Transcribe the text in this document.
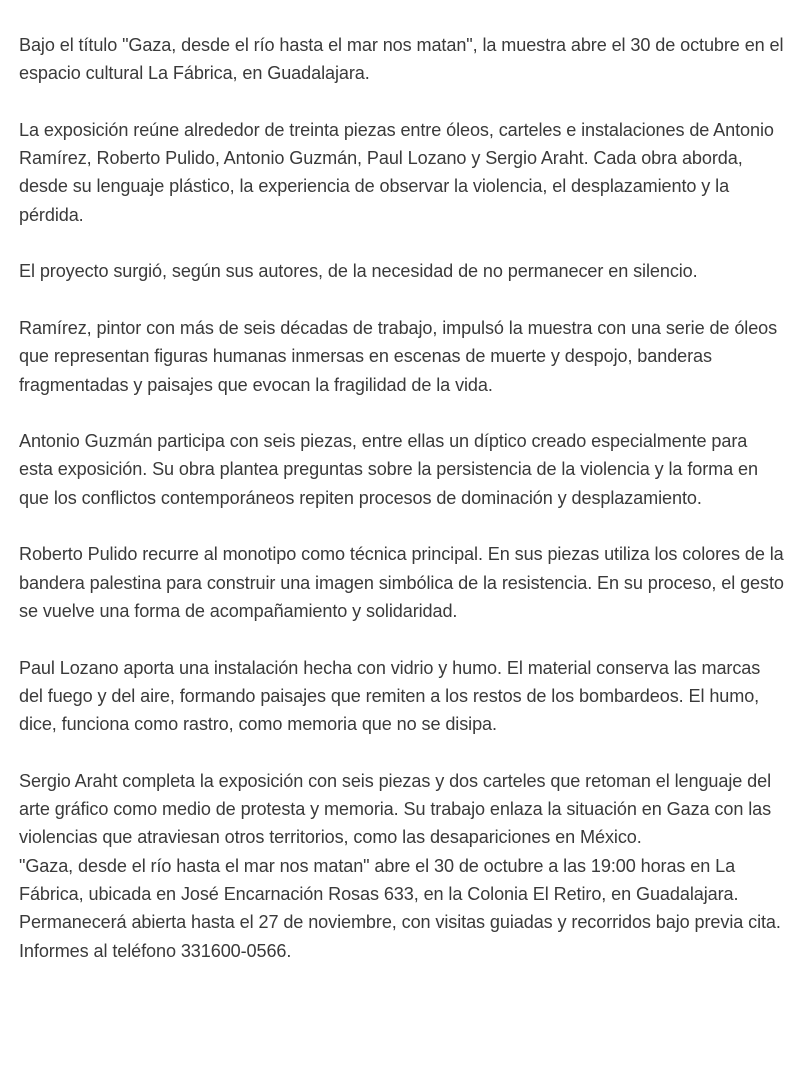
Bajo el título "Gaza, desde el río hasta el mar nos matan", la muestra abre el 30 de octubre en el espacio cultural La Fábrica, en Guadalajara.

La exposición reúne alrededor de treinta piezas entre óleos, carteles e instalaciones de Antonio Ramírez, Roberto Pulido, Antonio Guzmán, Paul Lozano y Sergio Araht. Cada obra aborda, desde su lenguaje plástico, la experiencia de observar la violencia, el desplazamiento y la pérdida.

El proyecto surgió, según sus autores, de la necesidad de no permanecer en silencio.

Ramírez, pintor con más de seis décadas de trabajo, impulsó la muestra con una serie de óleos que representan figuras humanas inmersas en escenas de muerte y despojo, banderas fragmentadas y paisajes que evocan la fragilidad de la vida.

Antonio Guzmán participa con seis piezas, entre ellas un díptico creado especialmente para esta exposición. Su obra plantea preguntas sobre la persistencia de la violencia y la forma en que los conflictos contemporáneos repiten procesos de dominación y desplazamiento.

Roberto Pulido recurre al monotipo como técnica principal. En sus piezas utiliza los colores de la bandera palestina para construir una imagen simbólica de la resistencia. En su proceso, el gesto se vuelve una forma de acompañamiento y solidaridad.

Paul Lozano aporta una instalación hecha con vidrio y humo. El material conserva las marcas del fuego y del aire, formando paisajes que remiten a los restos de los bombardeos. El humo, dice, funciona como rastro, como memoria que no se disipa.

Sergio Araht completa la exposición con seis piezas y dos carteles que retoman el lenguaje del arte gráfico como medio de protesta y memoria. Su trabajo enlaza la situación en Gaza con las violencias que atraviesan otros territorios, como las desapariciones en México.

"Gaza, desde el río hasta el mar nos matan" abre el 30 de octubre a las 19:00 horas en La Fábrica, ubicada en José Encarnación Rosas 633, en la Colonia El Retiro, en Guadalajara. Permanecerá abierta hasta el 27 de noviembre, con visitas guiadas y recorridos bajo previa cita. Informes al teléfono 331600-0566.
